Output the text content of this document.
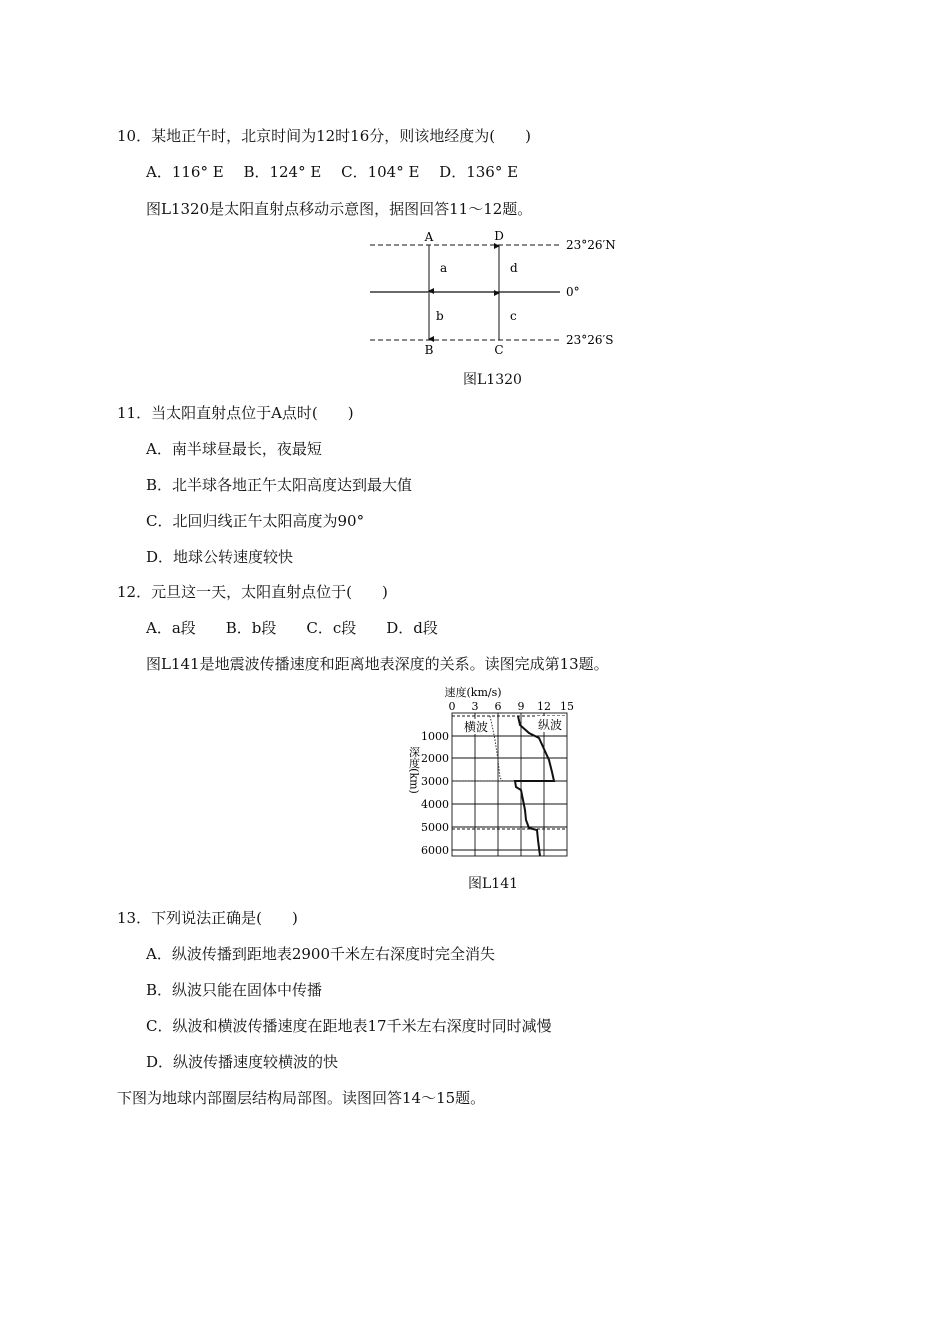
10．某地正午时，北京时间为12时16分，则该地经度为(　　)
A．116° E　 B．124° E　 C．104° E　 D．136° E
图L1320是太阳直射点移动示意图，据图回答11～12题。
A	D
B	C
a
b	c
d
23°26′N
0°
23°26′S
图L1320
11．当太阳直射点位于A点时(　　)
A．南半球昼最长，夜最短
B．北半球各地正午太阳高度达到最大值
C．北回归线正午太阳高度为90°
D．地球公转速度较快
12．元旦这一天，太阳直射点位于(　　)
A．a段　　B．b段　　C．c段　　D．d段
图L141是地震波传播速度和距离地表深度的关系。读图完成第13题。
速度(km/s)
0 3 6 9 12 15
1000
2000
3000
4000
5000
6000
深度(km)
横波	纵波
图L141
13．下列说法正确是(　　)
A．纵波传播到距地表2900千米左右深度时完全消失
B．纵波只能在固体中传播
C．纵波和横波传播速度在距地表17千米左右深度时同时减慢
D．纵波传播速度较横波的快
下图为地球内部圈层结构局部图。读图回答14～15题。
